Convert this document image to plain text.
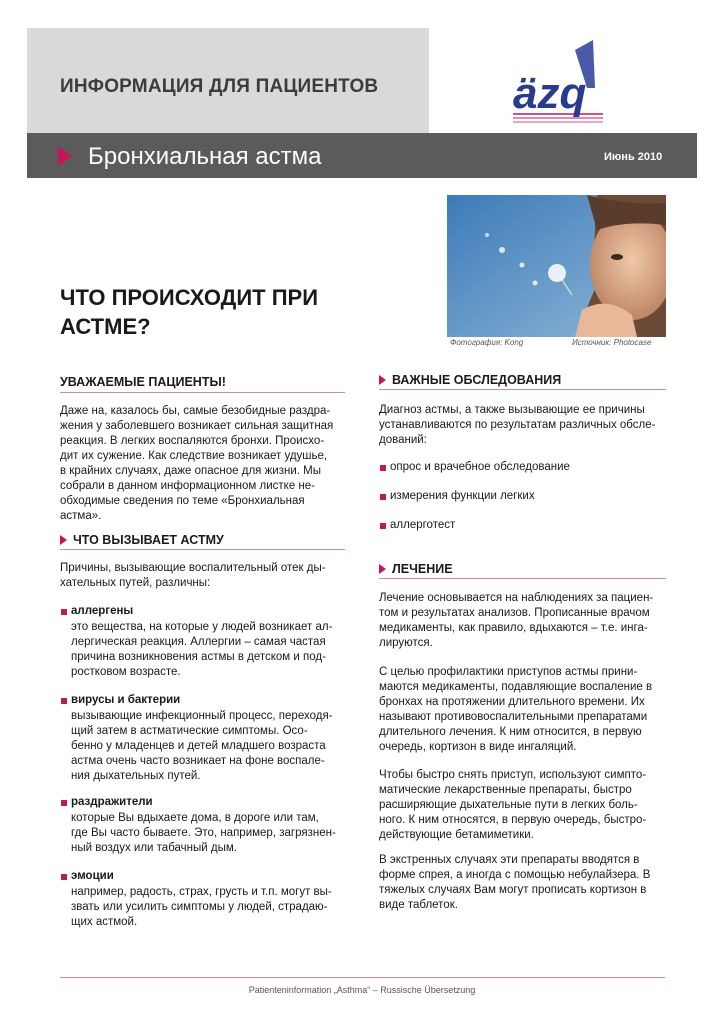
ИНФОРМАЦИЯ ДЛЯ ПАЦИЕНТОВ	äzq
Бронхиальная астма	Июнь 2010
Фотография: Kong	Источник: Photocase
ЧТО ПРОИСХОДИТ ПРИ
АСТМЕ?
УВАЖАЕМЫЕ ПАЦИЕНТЫ!
Даже на, казалось бы, самые безобидные раздра-
жения у заболевшего возникает сильная защитная
реакция. В легких воспаляются бронхи. Происхо-
дит их сужение. Как следствие возникает удушье,
в крайних случаях, даже опасное для жизни. Мы
собрали в данном информационном листке не-
обходимые сведения по теме «Бронхиальная
астма».
ЧТО ВЫЗЫВАЕТ АСТМУ
Причины, вызывающие воспалительный отек ды-
хательных путей, различны:
аллергены
это вещества, на которые у людей возникает ал-
лергическая реакция. Аллергии – самая частая
причина возникновения астмы в детском и под-
ростковом возрасте.
вирусы и бактерии
вызывающие инфекционный процесс, переходя-
щий затем в астматические симптомы. Осо-
бенно у младенцев и детей младшего возраста
астма очень часто возникает на фоне воспале-
ния дыхательных путей.
раздражители
которые Вы вдыхаете дома, в дороге или там,
где Вы часто бываете. Это, например, загрязнен-
ный воздух или табачный дым.
эмоции
например, радость, страх, грусть и т.п. могут вы-
звать или усилить симптомы у людей, страдаю-
щих астмой.
ВАЖНЫЕ ОБСЛЕДОВАНИЯ
Диагноз астмы, а также вызывающие ее причины
устанавливаются по результатам различных обсле-
дований:
опрос и врачебное обследование
измерения функции легких
аллерготест
ЛЕЧЕНИЕ
Лечение основывается на наблюдениях за пациен-
том и результатах анализов. Прописанные врачом
медикаменты, как правило, вдыхаются – т.е. инга-
лируются.
С целью профилактики приступов астмы прини-
маются медикаменты, подавляющие воспаление в
бронхах на протяжении длительного времени. Их
называют противовоспалительными препаратами
длительного лечения. К ним относится, в первую
очередь, кортизон в виде ингаляций.
Чтобы быстро снять приступ, используют симпто-
матические лекарственные препараты, быстро
расширяющие дыхательные пути в легких боль-
ного. К ним относятся, в первую очередь, быстро-
действующие бетамиметики.
В экстренных случаях эти препараты вводятся в
форме спрея, а иногда с помощью небулайзера. В
тяжелых случаях Вам могут прописать кортизон в
виде таблеток.
Patienteninformation „Asthma“ – Russische Übersetzung
